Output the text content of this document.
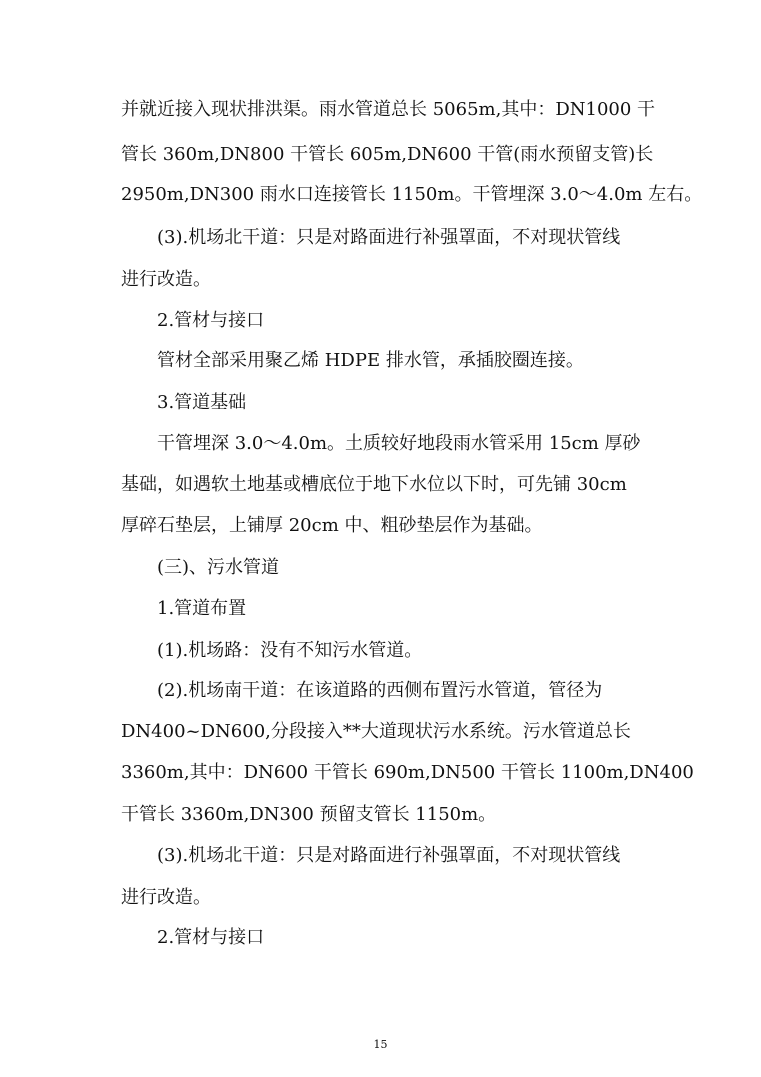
并就近接入现状排洪渠。雨水管道总长 5065m,其中：DN1000 干
管长 360m,DN800 干管长 605m,DN600 干管(雨水预留支管)长
2950m,DN300 雨水口连接管长 1150m。干管埋深 3.0～4.0m 左右。
(3).机场北干道：只是对路面进行补强罩面，不对现状管线
进行改造。
2.管材与接口
管材全部采用聚乙烯 HDPE 排水管，承插胶圈连接。
3.管道基础
干管埋深 3.0～4.0m。土质较好地段雨水管采用 15cm 厚砂
基础，如遇软土地基或槽底位于地下水位以下时，可先铺 30cm
厚碎石垫层，上铺厚 20cm 中、粗砂垫层作为基础。
(三)、污水管道
1.管道布置
(1).机场路：没有不知污水管道。
(2).机场南干道：在该道路的西侧布置污水管道，管径为
DN400~DN600,分段接入**大道现状污水系统。污水管道总长
3360m,其中：DN600 干管长 690m,DN500 干管长 1100m,DN400
干管长 3360m,DN300 预留支管长 1150m。
(3).机场北干道：只是对路面进行补强罩面，不对现状管线
进行改造。
2.管材与接口
15
